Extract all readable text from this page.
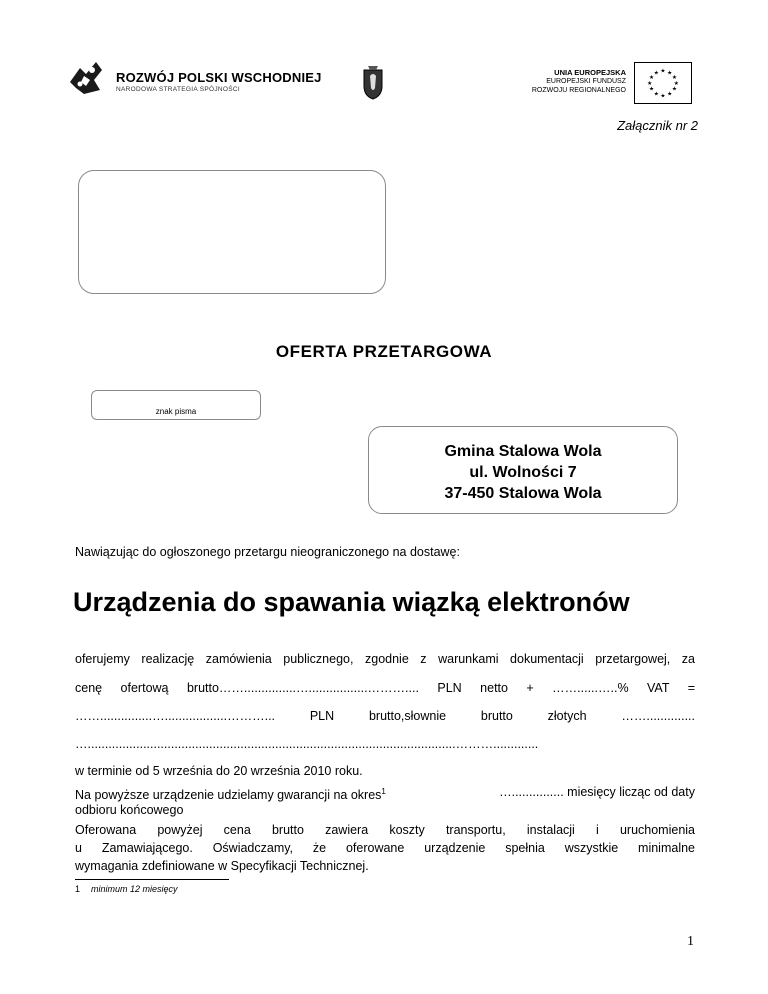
ROZWÓJ POLSKI WSCHODNIEJ
NARODOWA STRATEGIA SPÓJNOŚCI
UNIA EUROPEJSKA
EUROPEJSKI FUNDUSZ
ROZWOJU REGIONALNEGO
★ ★
★
★
★
★
★
★
★
★
★
★
Załącznik nr 2
OFERTA PRZETARGOWA
znak pisma
Gmina Stalowa Wola
ul. Wolności 7
37-450 Stalowa Wola
Nawiązując do ogłoszonego przetargu nieograniczonego na dostawę:
Urządzenia do spawania wiązką elektronów
oferujemy realizację zamówienia publicznego, zgodnie z warunkami dokumentacji przetargowej, za
cenę ofertową brutto……...............….................……….... PLN netto + ……......…..% VAT =
……...............…..................………... PLN brutto,słownie brutto złotych ……..............
…..........................................................................................................……….............
w terminie od 5 września do 20 września 2010 roku.
Na powyższe urządzenie udzielamy gwarancji na okres$^1$	…............... miesięcy licząc od daty
odbioru końcowego
Oferowana powyżej cena brutto zawiera koszty transportu, instalacji i uruchomienia
u Zamawiającego. Oświadczamy, że oferowane urządzenie spełnia wszystkie minimalne
wymagania zdefiniowane w Specyfikacji Technicznej.
1 minimum 12 miesięcy
1
